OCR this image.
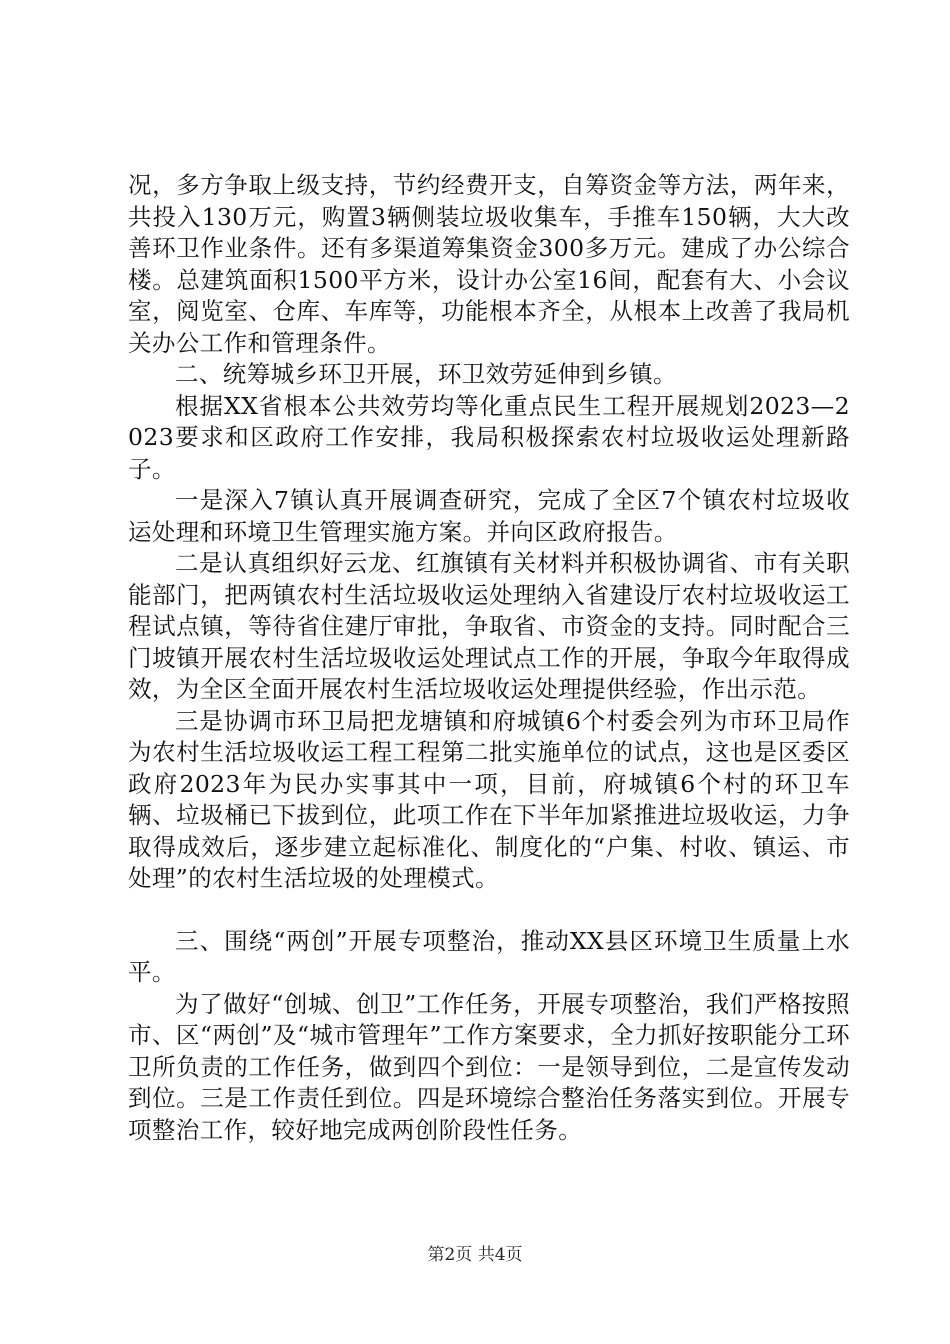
况，多方争取上级支持，节约经费开支，自筹资金等方法，两年来，共投入130万元，购置3辆侧装垃圾收集车，手推车150辆，大大改善环卫作业条件。还有多渠道筹集资金300多万元。建成了办公综合楼。总建筑面积1500平方米，设计办公室16间，配套有大、小会议室，阅览室、仓库、车库等，功能根本齐全，从根本上改善了我局机关办公工作和管理条件。

二、统筹城乡环卫开展，环卫效劳延伸到乡镇。

根据XX省根本公共效劳均等化重点民生工程开展规划2023—2023要求和区政府工作安排，我局积极探索农村垃圾收运处理新路子。

一是深入7镇认真开展调查研究，完成了全区7个镇农村垃圾收运处理和环境卫生管理实施方案。并向区政府报告。

二是认真组织好云龙、红旗镇有关材料并积极协调省、市有关职能部门，把两镇农村生活垃圾收运处理纳入省建设厅农村垃圾收运工程试点镇，等待省住建厅审批，争取省、市资金的支持。同时配合三门坡镇开展农村生活垃圾收运处理试点工作的开展，争取今年取得成效，为全区全面开展农村生活垃圾收运处理提供经验，作出示范。

三是协调市环卫局把龙塘镇和府城镇6个村委会列为市环卫局作为农村生活垃圾收运工程工程第二批实施单位的试点，这也是区委区政府2023年为民办实事其中一项，目前，府城镇6个村的环卫车辆、垃圾桶已下拔到位，此项工作在下半年加紧推进垃圾收运，力争取得成效后，逐步建立起标准化、制度化的“户集、村收、镇运、市处理”的农村生活垃圾的处理模式。

三、围绕“两创”开展专项整治，推动XX县区环境卫生质量上水平。

为了做好“创城、创卫”工作任务，开展专项整治，我们严格按照市、区“两创”及“城市管理年”工作方案要求，全力抓好按职能分工环卫所负责的工作任务，做到四个到位：一是领导到位，二是宣传发动到位。三是工作责任到位。四是环境综合整治任务落实到位。开展专项整治工作，较好地完成两创阶段性任务。

第2页 共4页
